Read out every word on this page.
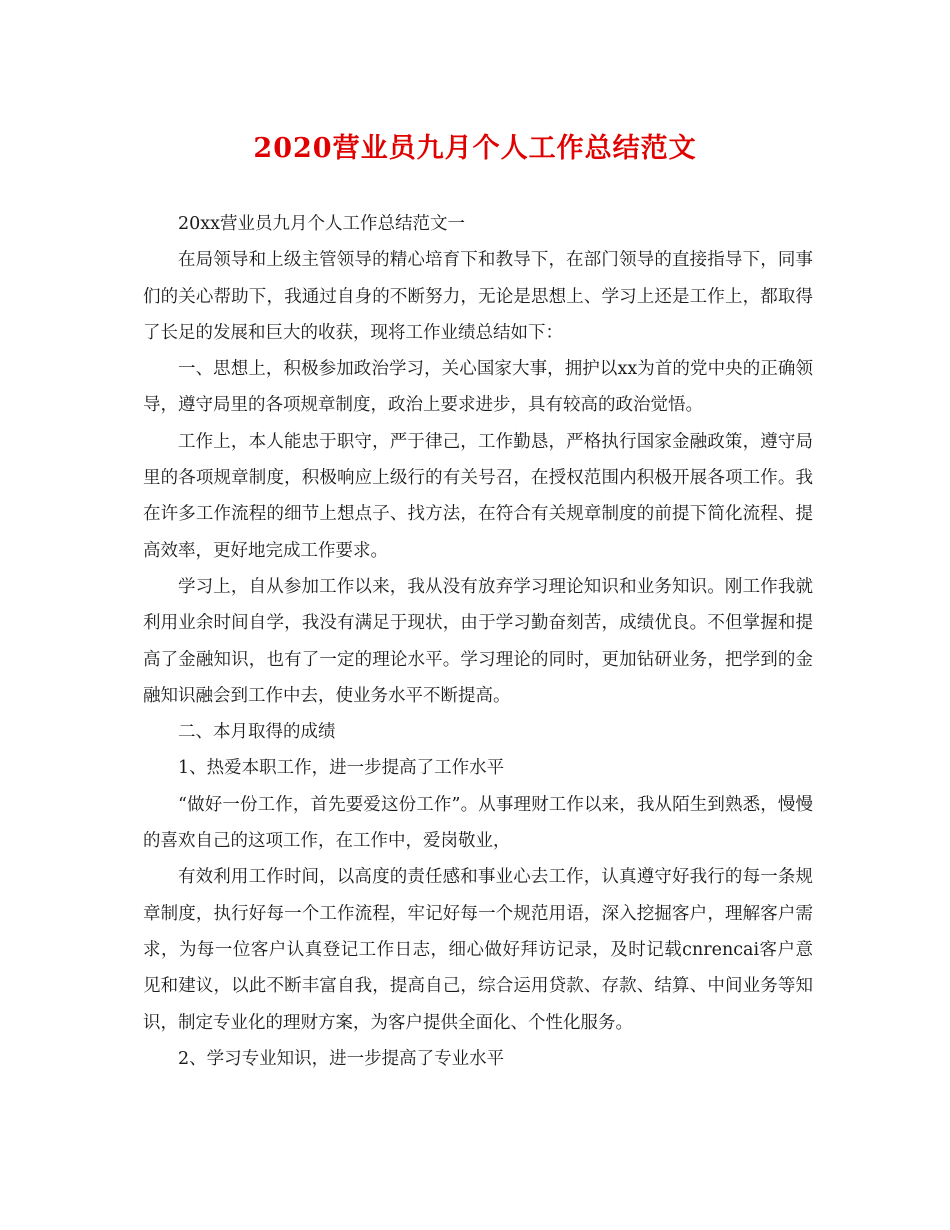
2020营业员九月个人工作总结范文

20xx营业员九月个人工作总结范文一

在局领导和上级主管领导的精心培育下和教导下，在部门领导的直接指导下，同事们的关心帮助下，我通过自身的不断努力，无论是思想上、学习上还是工作上，都取得了长足的发展和巨大的收获，现将工作业绩总结如下：

一、思想上，积极参加政治学习，关心国家大事，拥护以xx为首的党中央的正确领导，遵守局里的各项规章制度，政治上要求进步，具有较高的政治觉悟。

工作上，本人能忠于职守，严于律己，工作勤恳，严格执行国家金融政策，遵守局里的各项规章制度，积极响应上级行的有关号召，在授权范围内积极开展各项工作。我在许多工作流程的细节上想点子、找方法，在符合有关规章制度的前提下简化流程、提高效率，更好地完成工作要求。

学习上，自从参加工作以来，我从没有放弃学习理论知识和业务知识。刚工作我就利用业余时间自学，我没有满足于现状，由于学习勤奋刻苦，成绩优良。不但掌握和提高了金融知识，也有了一定的理论水平。学习理论的同时，更加钻研业务，把学到的金融知识融会到工作中去，使业务水平不断提高。

二、本月取得的成绩

1、热爱本职工作，进一步提高了工作水平

“做好一份工作，首先要爱这份工作”。从事理财工作以来，我从陌生到熟悉，慢慢的喜欢自己的这项工作，在工作中，爱岗敬业，

有效利用工作时间，以高度的责任感和事业心去工作，认真遵守好我行的每一条规章制度，执行好每一个工作流程，牢记好每一个规范用语，深入挖掘客户，理解客户需求，为每一位客户认真登记工作日志，细心做好拜访记录，及时记载cnrencai客户意见和建议，以此不断丰富自我，提高自己，综合运用贷款、存款、结算、中间业务等知识，制定专业化的理财方案，为客户提供全面化、个性化服务。

2、学习专业知识，进一步提高了专业水平
